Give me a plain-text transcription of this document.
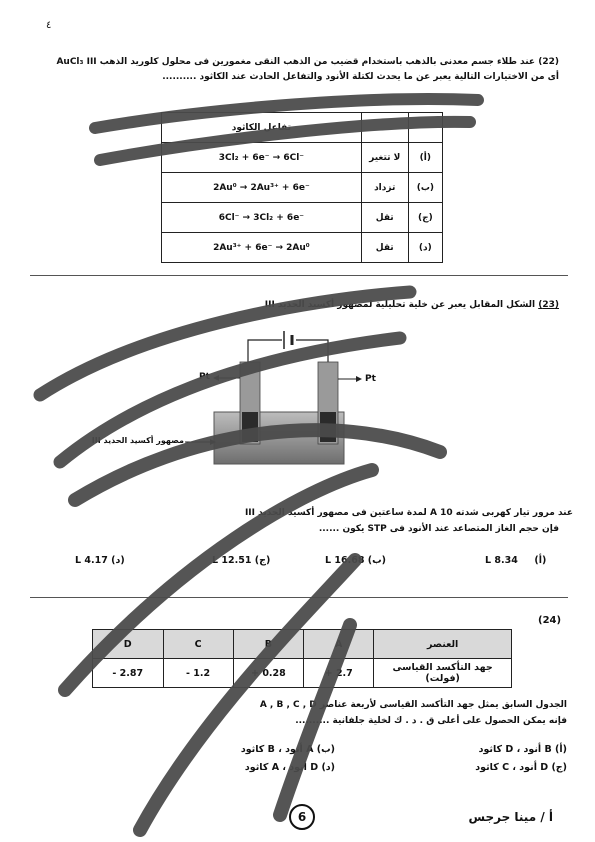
٤
(22) عند طلاء جسم معدنى بالذهب باستخدام قضيب من الذهب النقى مغمورين فى محلول كلوريد الذهب AuCl₃ III
أى من الاختيارات التالية يعبر عن ما يحدث لكتلة الأنود والتفاعل الحادث عند الكاثود ..........
تفاعل الكاثود		
3Cl₂ + 6e⁻ → 6Cl⁻	لا تتغير	(أ)
2Au⁰ → 2Au³⁺ + 6e⁻	تزداد	(ب)
6Cl⁻ → 3Cl₂ + 6e⁻	تقل	(ج)
2Au³⁺ + 6e⁻ → 2Au⁰	تقل	(د)
(23) الشكل المقابل يعبر عن خلية تحليلية لمصهور أكسيد الحديد III
Pt	Pt
مصهور أكسيد الحديد III
عند مرور تيار كهربى شدته 10 A لمدة ساعتين فى مصهور أكسيد الحديد III
فإن حجم الغاز المتصاعد عند الأنود فى STP يكون ......
(أ)     8.34 L
(ب) 16.68 L
(ج) 12.51 L
(د) 4.17 L
(24)
D	C	B	A	العنصر
- 2.87	- 1.2	+ 0.28	+ 2.7	جهد التأكسد القياسى (فولت)
الجدول السابق يمثل جهد التأكسد القياسى لأربعة عناصر A , B , C , D
فإنه يمكن الحصول على أعلى ق . د . ك لخلية جلفانية ..........
(أ) B أنود ، D كاثود
(ب) A أنود ، B كاثود
(ج) D أنود ، C كاثود
(د) D أنود ، A كاثود
6	أ / مينا جرجس
